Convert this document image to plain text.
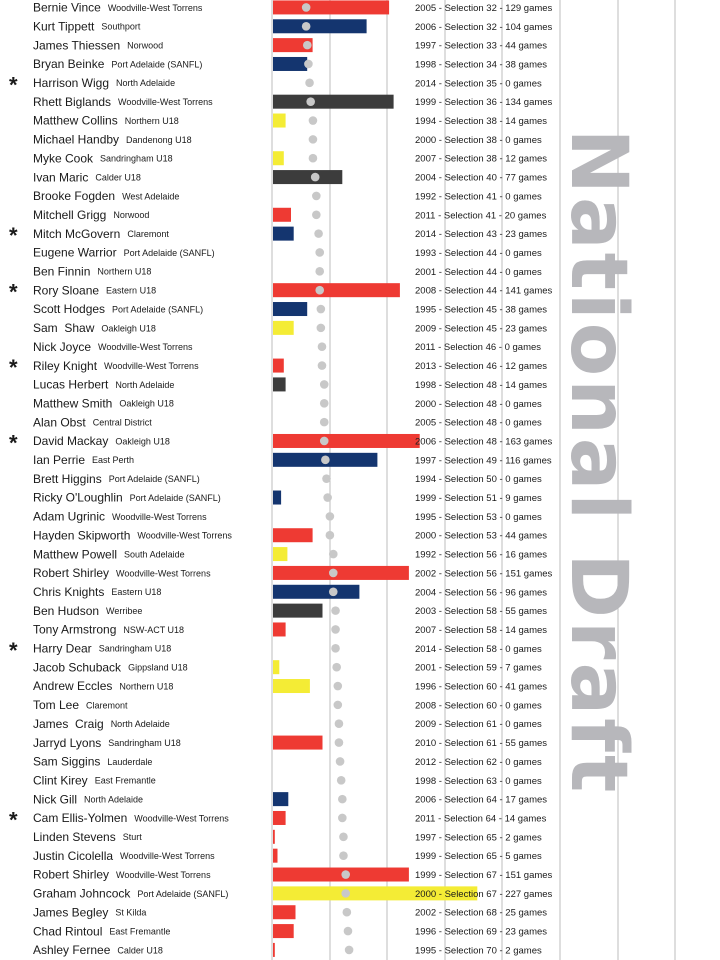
Bernie Vince Woodville-West Torrens	2005 - Selection 32 - 129 games
Kurt Tippett Southport	2006 - Selection 32 - 104 games
James Thiessen Norwood	1997 - Selection 33 - 44 games
Bryan Beinke Port Adelaide (SANFL)	1998 - Selection 34 - 38 games
* Harrison Wigg North Adelaide	2014 - Selection 35 - 0 games
Rhett Biglands Woodville-West Torrens	1999 - Selection 36 - 134 games
Matthew Collins Northern U18	1994 - Selection 38 - 14 games
Michael Handby Dandenong U18	2000 - Selection 38 - 0 games
Myke Cook Sandringham U18	2007 - Selection 38 - 12 games
Ivan Maric Calder U18	2004 - Selection 40 - 77 games
Brooke Fogden West Adelaide	1992 - Selection 41 - 0 games
Mitchell Grigg Norwood	2011 - Selection 41 - 20 games
* Mitch McGovern Claremont	2014 - Selection 43 - 23 games
Eugene Warrior Port Adelaide (SANFL)	1993 - Selection 44 - 0 games
Ben Finnin Northern U18	2001 - Selection 44 - 0 games
* Rory Sloane Eastern U18	2008 - Selection 44 - 141 games
Scott Hodges Port Adelaide (SANFL)	1995 - Selection 45 - 38 games
Sam  Shaw Oakleigh U18	2009 - Selection 45 - 23 games
Nick Joyce Woodville-West Torrens	2011 - Selection 46 - 0 games
* Riley Knight Woodville-West Torrens	2013 - Selection 46 - 12 games
Lucas Herbert North Adelaide	1998 - Selection 48 - 14 games
Matthew Smith Oakleigh U18	2000 - Selection 48 - 0 games
Alan Obst Central District	2005 - Selection 48 - 0 games
* David Mackay Oakleigh U18	2006 - Selection 48 - 163 games
Ian Perrie East Perth	1997 - Selection 49 - 116 games
Brett Higgins Port Adelaide (SANFL)	1994 - Selection 50 - 0 games
Ricky O'Loughlin Port Adelaide (SANFL)	1999 - Selection 51 - 9 games
Adam Ugrinic Woodville-West Torrens	1995 - Selection 53 - 0 games
Hayden Skipworth Woodville-West Torrens	2000 - Selection 53 - 44 games
Matthew Powell South Adelaide	1992 - Selection 56 - 16 games
Robert Shirley Woodville-West Torrens	2002 - Selection 56 - 151 games
Chris Knights Eastern U18	2004 - Selection 56 - 96 games
Ben Hudson Werribee	2003 - Selection 58 - 55 games
Tony Armstrong NSW-ACT U18	2007 - Selection 58 - 14 games
* Harry Dear Sandringham U18	2014 - Selection 58 - 0 games
Jacob Schuback Gippsland U18	2001 - Selection 59 - 7 games
Andrew Eccles Northern U18	1996 - Selection 60 - 41 games
Tom Lee Claremont	2008 - Selection 60 - 0 games
James  Craig North Adelaide	2009 - Selection 61 - 0 games
Jarryd Lyons Sandringham U18	2010 - Selection 61 - 55 games
Sam Siggins Lauderdale	2012 - Selection 62 - 0 games
Clint Kirey East Fremantle	1998 - Selection 63 - 0 games
Nick Gill North Adelaide	2006 - Selection 64 - 17 games
* Cam Ellis-Yolmen Woodville-West Torrens	2011 - Selection 64 - 14 games
Linden Stevens Sturt	1997 - Selection 65 - 2 games
Justin Cicolella Woodville-West Torrens	1999 - Selection 65 - 5 games
Robert Shirley Woodville-West Torrens	1999 - Selection 67 - 151 games
Graham Johncock Port Adelaide (SANFL)	2000 - Selection 67 - 227 games
James Begley St Kilda	2002 - Selection 68 - 25 games
Chad Rintoul East Fremantle	1996 - Selection 69 - 23 games
Ashley Fernee Calder U18	1995 - Selection 70 - 2 games
National Draft
